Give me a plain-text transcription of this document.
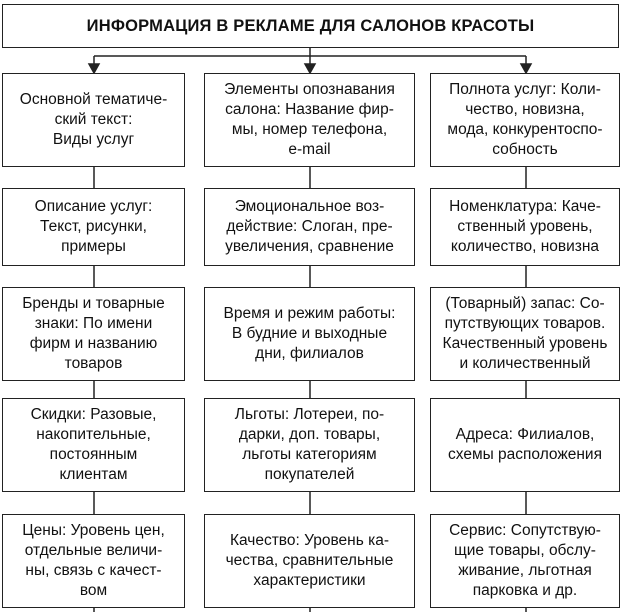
ИНФОРМАЦИЯ В РЕКЛАМЕ ДЛЯ САЛОНОВ КРАСОТЫ
Основной тематиче-
ский текст:
Виды услуг
Описание услуг:
Текст, рисунки,
примеры
Бренды и товарные
знаки: По имени
фирм и названию
товаров
Скидки: Разовые,
накопительные,
постоянным
клиентам
Цены: Уровень цен,
отдельные величи-
ны, связь с качест-
вом
Элементы опознавания
салона: Название фир-
мы, номер телефона,
e-mail
Эмоциональное воз-
действие: Слоган, пре-
увеличения, сравнение
Время и режим работы:
В будние и выходные
дни, филиалов
Льготы: Лотереи, по-
дарки, доп. товары,
льготы категориям
покупателей
Качество: Уровень ка-
чества, сравнительные
характеристики
Полнота услуг: Коли-
чество, новизна,
мода, конкурентоспо-
собность
Номенклатура: Каче-
ственный уровень,
количество, новизна
(Товарный) запас: Со-
путствующих товаров.
Качественный уровень
и количественный
Адреса: Филиалов,
схемы расположения
Сервис: Сопутствую-
щие товары, обслу-
живание, льготная
парковка и др.
